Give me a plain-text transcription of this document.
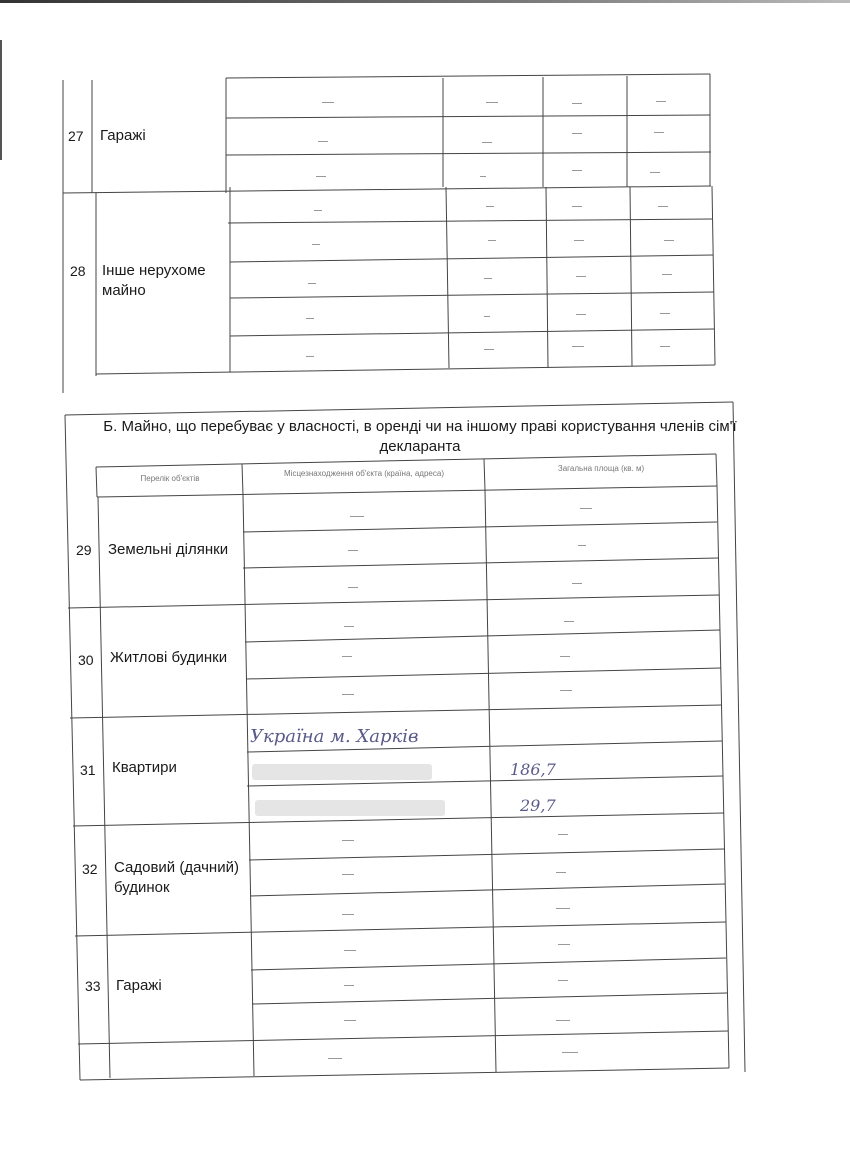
27 Гаражі
28 Інше нерухоме майно
Б. Майно, що перебуває у власності, в оренді чи на іншому праві користування членів сім'ї декларанта
Перелік об'єктів
Місцезнаходження об'єкта (країна, адреса)
Загальна площа (кв. м)
29 Земельні ділянки
30 Житлові будинки
31 Квартири
32 Садовий (дачний) будинок
33 Гаражі
Україна м. Харків
186,7
29,7
